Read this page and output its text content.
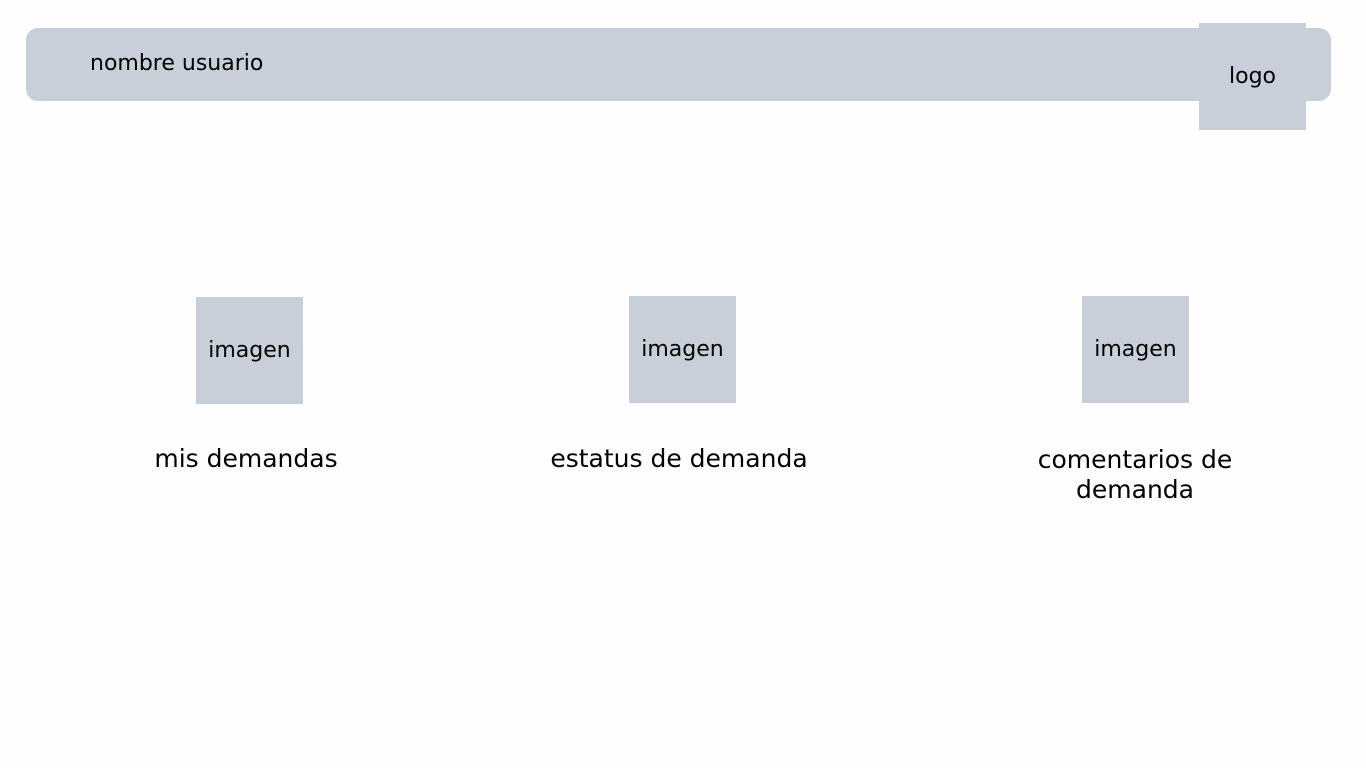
nombre usuario
logo
imagen
mis demandas
imagen
estatus de demanda
imagen
comentarios de demanda
